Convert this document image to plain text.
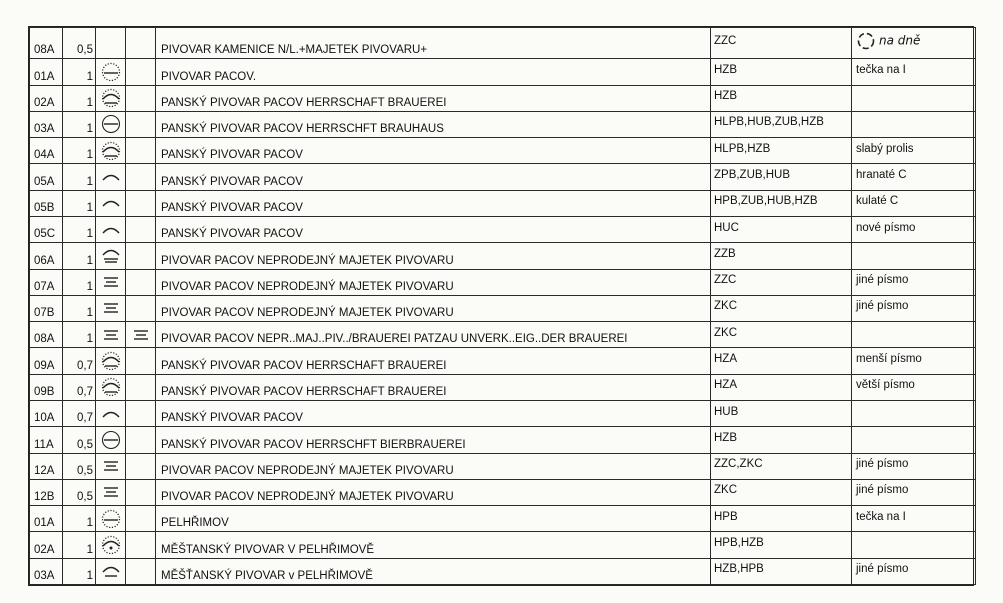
08A	0,5			PIVOVAR KAMENICE N/L.+MAJETEK PIVOVARU+	ZZC	na dně
01A	1			PIVOVAR PACOV.	HZB	tečka na I
02A	1			PANSKÝ PIVOVAR PACOV HERRSCHAFT BRAUEREI	HZB	
03A	1			PANSKÝ PIVOVAR PACOV HERRSCHFT BRAUHAUS	HLPB,HUB,ZUB,HZB	
04A	1			PANSKÝ PIVOVAR PACOV	HLPB,HZB	slabý prolis
05A	1			PANSKÝ PIVOVAR PACOV	ZPB,ZUB,HUB	hranaté C
05B	1			PANSKÝ PIVOVAR PACOV	HPB,ZUB,HUB,HZB	kulaté C
05C	1			PANSKÝ PIVOVAR PACOV	HUC	nové písmo
06A	1			PIVOVAR PACOV NEPRODEJNÝ MAJETEK PIVOVARU	ZZB	
07A	1			PIVOVAR PACOV NEPRODEJNÝ MAJETEK PIVOVARU	ZZC	jiné písmo
07B	1			PIVOVAR PACOV NEPRODEJNÝ MAJETEK PIVOVARU	ZKC	jiné písmo
08A	1			PIVOVAR PACOV NEPR..MAJ..PIV../BRAUEREI PATZAU UNVERK..EIG..DER BRAUEREI	ZKC	
09A	0,7			PANSKÝ PIVOVAR PACOV HERRSCHAFT BRAUEREI	HZA	menší písmo
09B	0,7			PANSKÝ PIVOVAR PACOV HERRSCHAFT BRAUEREI	HZA	větší písmo
10A	0,7			PANSKÝ PIVOVAR PACOV	HUB	
11A	0,5			PANSKÝ PIVOVAR PACOV HERRSCHFT BIERBRAUEREI	HZB	
12A	0,5			PIVOVAR PACOV NEPRODEJNÝ MAJETEK PIVOVARU	ZZC,ZKC	jiné písmo
12B	0,5			PIVOVAR PACOV NEPRODEJNÝ MAJETEK PIVOVARU	ZKC	jiné písmo
01A	1			PELHŘIMOV	HPB	tečka na I
02A	1			MĚŠTANSKÝ PIVOVAR V PELHŘIMOVĚ	HPB,HZB	
03A	1			MĚŠŤANSKÝ PIVOVAR v PELHŘIMOVĚ	HZB,HPB	jiné písmo
